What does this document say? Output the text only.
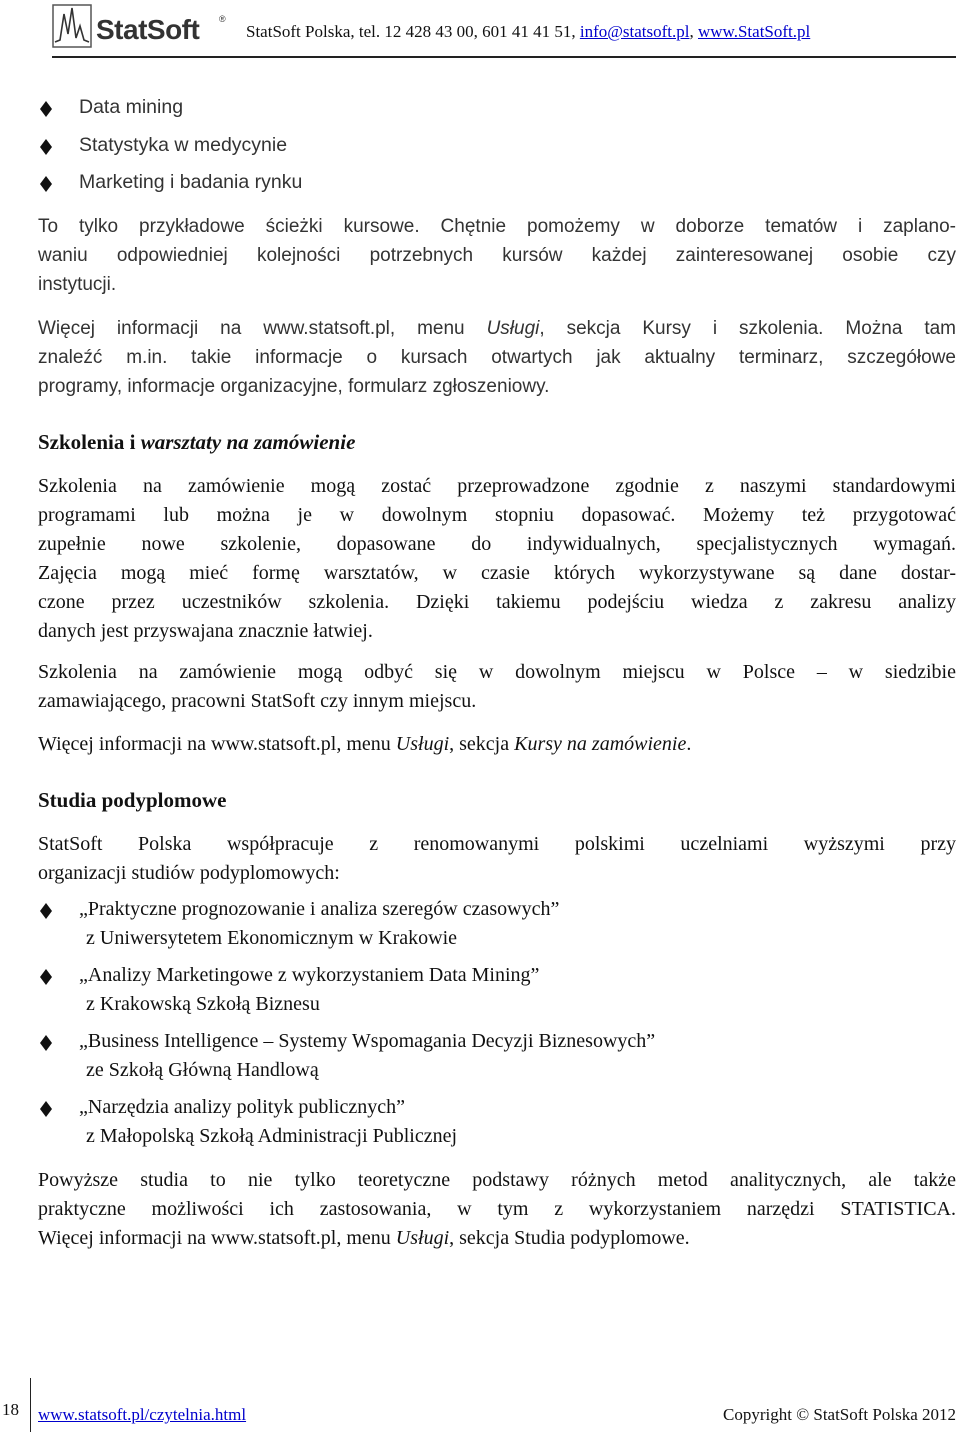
StatSoft ®
StatSoft Polska, tel. 12 428 43 00, 601 41 41 51, info@statsoft.pl, www.StatSoft.pl
Data mining
Statystyka w medycynie
Marketing i badania rynku
To tylko przykładowe ścieżki kursowe. Chętnie pomożemy w doborze tematów i zaplano-
waniu odpowiedniej kolejności potrzebnych kursów każdej zainteresowanej osobie czy
instytucji.
Więcej informacji na www.statsoft.pl, menu Usługi, sekcja Kursy i szkolenia. Można tam
znaleźć m.in. takie informacje o kursach otwartych jak aktualny terminarz, szczegółowe
programy, informacje organizacyjne, formularz zgłoszeniowy.
Szkolenia i warsztaty na zamówienie
Szkolenia na zamówienie mogą zostać przeprowadzone zgodnie z naszymi standardowymi
programami lub można je w dowolnym stopniu dopasować. Możemy też przygotować
zupełnie nowe szkolenie, dopasowane do indywidualnych, specjalistycznych wymagań.
Zajęcia mogą mieć formę warsztatów, w czasie których wykorzystywane są dane dostar-
czone przez uczestników szkolenia. Dzięki takiemu podejściu wiedza z zakresu analizy
danych jest przyswajana znacznie łatwiej.
Szkolenia na zamówienie mogą odbyć się w dowolnym miejscu w Polsce – w siedzibie
zamawiającego, pracowni StatSoft czy innym miejscu.
Więcej informacji na www.statsoft.pl, menu Usługi, sekcja Kursy na zamówienie.
Studia podyplomowe
StatSoft Polska współpracuje z renomowanymi polskimi uczelniami wyższymi przy
organizacji studiów podyplomowych:
„Praktyczne prognozowanie i analiza szeregów czasowych”
z Uniwersytetem Ekonomicznym w Krakowie
„Analizy Marketingowe z wykorzystaniem Data Mining”
z Krakowską Szkołą Biznesu
„Business Intelligence – Systemy Wspomagania Decyzji Biznesowych”
ze Szkołą Główną Handlową
„Narzędzia analizy polityk publicznych”
z Małopolską Szkołą Administracji Publicznej
Powyższe studia to nie tylko teoretyczne podstawy różnych metod analitycznych, ale także
praktyczne możliwości ich zastosowania, w tym z wykorzystaniem narzędzi STATISTICA.
Więcej informacji na www.statsoft.pl, menu Usługi, sekcja Studia podyplomowe.
18 www.statsoft.pl/czytelnia.html	Copyright © StatSoft Polska 2012
